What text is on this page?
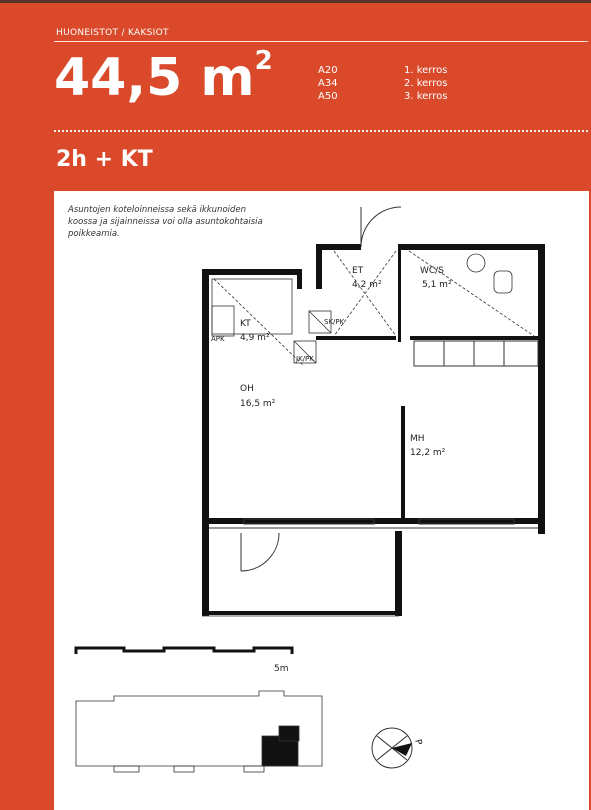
HUONEISTOT / KAKSIOT
44,5 $m^2$	A20
A34
A50
1. kerros
2. kerros
3. kerros
2h + KT
Asuntojen koteloinneissa sekä ikkunoiden koossa ja sijainneissa voi olla asuntokohtaisia poikkeamia.
KT
4,9 m²
APK
JK/PK
SK/PK
ET
4,2 m²
WC/S
5,1 m²
OH
16,5 m²
MH
12,2 m²
5m
P
